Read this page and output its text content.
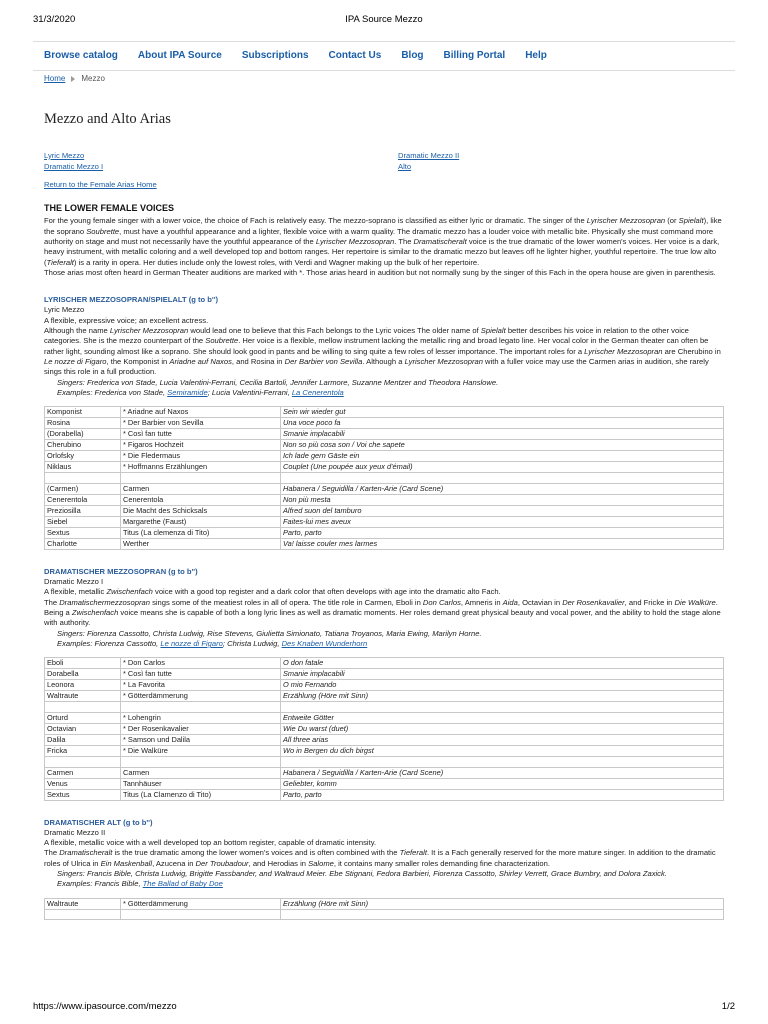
31/3/2020	IPA Source Mezzo
Browse catalog About IPA Source Subscriptions Contact Us Blog Billing Portal Help
Home Mezzo
Mezzo and Alto Arias
Lyric Mezzo
Dramatic Mezzo I
Dramatic Mezzo II
Alto
Return to the Female Arias Home
THE LOWER FEMALE VOICES

For the young female singer with a lower voice, the choice of Fach is relatively easy. The mezzo-soprano is classified as either lyric or dramatic. The singer of the Lyrischer Mezzosopran (or Spielalt), like the soprano Soubrette, must have a youthful appearance and a lighter, flexible voice with a warm quality. The dramatic mezzo has a louder voice with metallic bite. Physically she must command more authority on stage and must not necessarily have the youthful appearance of the Lyrischer Mezzosopran. The Dramatischeralt voice is the true dramatic of the lower women's voices. Her voice is a dark, heavy instrument, with metallic coloring and a well developed top and bottom ranges. Her repertoire is similar to the dramatic mezzo but leaves off he lighter higher, youthful repertoire. The true low alto (Tieferalt) is a rarity in opera. Her duties include only the lowest roles, with Verdi and Wagner making up the bulk of her repertoire.

Those arias most often heard in German Theater auditions are marked with *. Those arias heard in audition but not normally sung by the singer of this Fach in the opera house are given in parenthesis.

LYRISCHER MEZZOSOPRAN/SPIELALT (g to b'')

Lyric Mezzo

A flexible, expressive voice; an excellent actress.
Although the name Lyrischer Mezzosopran would lead one to believe that this Fach belongs to the Lyric voices The older name of Spielalt better describes his voice in relation to the other voice categories. She is the mezzo counterpart of the Soubrette. Her voice is a flexible, mellow instrument lacking the metallic ring and broad legato line. Her vocal color in the German theater can often be rather light, sounding almost like a soprano. She should look good in pants and be willing to sing quite a few roles of lesser importance. The important roles for a Lyrischer Mezzosopran are Cherubino in Le nozze di Figaro, the Komponist in Ariadne auf Naxos, and Rosina in Der Barbier von Sevilla. Although a Lyrischer Mezzosopran with a fuller voice may use the Carmen arias in audition, she rarely sings this role in a full production.

Singers: Frederica von Stade, Lucia Valentini-Ferrani, Cecilia Bartoli, Jennifer Larmore, Suzanne Mentzer and Theodora Hanslowe.

Examples: Frederica von Stade, Semiramide; Lucia Valentini-Ferrani, La Cenerentola

Komponist	* Ariadne auf Naxos	Sein wir wieder gut
Rosina	* Der Barbier von Sevilla	Una voce poco fa
(Dorabella)	* Così fan tutte	Smanie implacabili
Cherubino	* Figaros Hochzeit	Non so più cosa son / Voi che sapete
Orlofsky	* Die Fledermaus	Ich lade gern Gäste ein
Niklaus	* Hoffmanns Erzählungen	Couplet (Une poupée aux yeux d'émail)

(Carmen)	Carmen	Habanera / Seguidilla / Karten-Arie (Card Scene)
Cenerentola	Cenerentola	Non più mesta
Preziosilla	Die Macht des Schicksals	Alfred suon del tamburo
Siebel	Margarethe (Faust)	Faites-lui mes aveux
Sextus	Titus (La clemenza di Tito)	Parto, parto
Charlotte	Werther	Va! laisse couler mes larmes
DRAMATISCHER MEZZOSOPRAN (g to b'')

Dramatic Mezzo I

A flexible, metallic Zwischenfach voice with a good top register and a dark color that often develops with age into the dramatic alto Fach.
The Dramatischermezzosopran sings some of the meatiest roles in all of opera. The title role in Carmen, Eboli in Don Carlos, Amneris in Aida, Octavian in Der Rosenkavalier, and Fricke in Die Walküre. Being a Zwischenfach voice means she is capable of both a long lyric lines as well as dramatic moments. Her roles demand great physical beauty and vocal power, and the ability to hold the stage alone with authority.

Singers: Fiorenza Cassotto, Christa Ludwig, Rise Stevens, Giulietta Simionato, Tatiana Troyanos, Maria Ewing, Marilyn Horne.

Examples: Fiorenza Cassotto, Le nozze di Figaro; Christa Ludwig, Des Knaben Wunderhorn

Eboli	* Don Carlos	O don fatale
Dorabella	* Così fan tutte	Smanie implacabili
Leonora	* La Favorita	O mio Fernando
Waltraute	* Götterdämmerung	Erzählung (Höre mit Sinn)

Orturd	* Lohengrin	Entweite Götter
Octavian	* Der Rosenkavalier	Wie Du warst (duet)
Dalila	* Samson und Dalila	All three arias
Fricka	* Die Walküre	Wo in Bergen du dich birgst

Carmen	Carmen	Habanera / Seguidilla / Karten-Arie (Card Scene)
Venus	Tannhäuser	Geliebter, komm
Sextus	Titus (La Clamenzo di Tito)	Parto, parto
DRAMATISCHER ALT (g to b'')

Dramatic Mezzo II

A flexible, metallic voice with a well developed top an bottom register, capable of dramatic intensity.
The Dramatischeralt is the true dramatic among the lower women's voices and is often combined with the Tieferalt. It is a Fach generally reserved for the more mature singer. In addition to the dramatic roles of Ulrica in Ein Maskenball, Azucena in Der Troubadour, and Herodias in Salome, it contains many smaller roles demanding fine characterization.

Singers: Francis Bible, Christa Ludwig, Brigitte Fassbander, and Waltraud Meier. Ebe Stignani, Fedora Barbieri, Fiorenza Cassotto, Shirley Verrett, Grace Bumbry, and Dolora Zaxick.

Examples: Francis Bible, The Ballad of Baby Doe

Waltraute	* Götterdämmerung	Erzählung (Höre mit Sinn)

https://www.ipasource.com/mezzo	1/2
